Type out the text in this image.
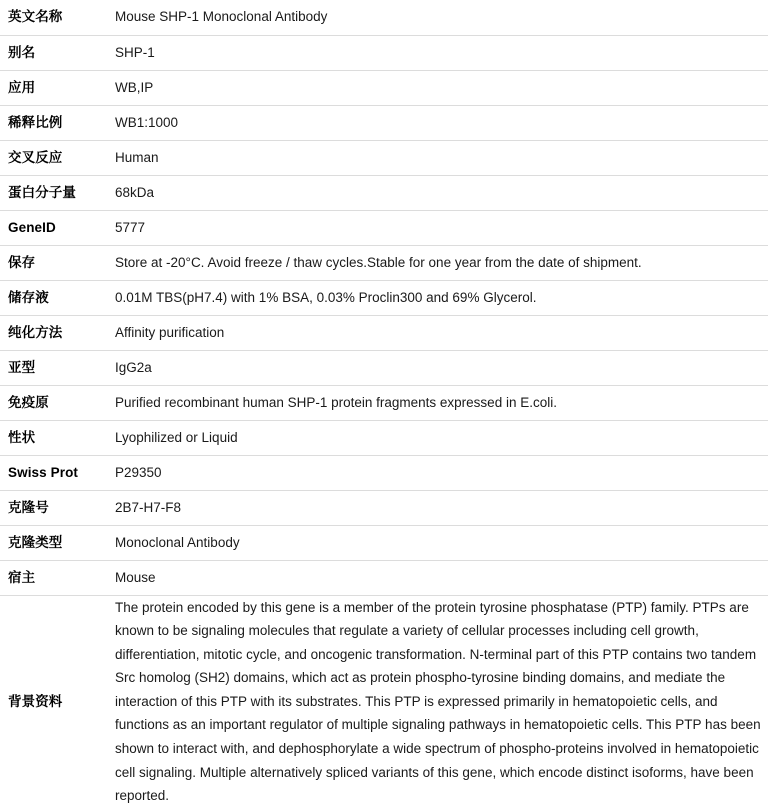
英文名称	Mouse SHP-1 Monoclonal Antibody
别名	SHP-1
应用	WB,IP
稀释比例	WB1:1000
交叉反应	Human
蛋白分子量	68kDa
GeneID	5777
保存	Store at -20°C. Avoid freeze / thaw cycles.Stable for one year from the date of shipment.
储存液	0.01M TBS(pH7.4) with 1% BSA, 0.03% Proclin300 and 69% Glycerol.
纯化方法	Affinity purification
亚型	IgG2a
免疫原	Purified recombinant human SHP-1 protein fragments expressed in E.coli.
性状	Lyophilized or Liquid
Swiss Prot	P29350
克隆号	2B7-H7-F8
克隆类型	Monoclonal Antibody
宿主	Mouse
背景资料	The protein encoded by this gene is a member of the protein tyrosine phosphatase (PTP) family. PTPs are known to be signaling molecules that regulate a variety of cellular processes including cell growth, differentiation, mitotic cycle, and oncogenic transformation. N-terminal part of this PTP contains two tandem Src homolog (SH2) domains, which act as protein phospho-tyrosine binding domains, and mediate the interaction of this PTP with its substrates. This PTP is expressed primarily in hematopoietic cells, and functions as an important regulator of multiple signaling pathways in hematopoietic cells. This PTP has been shown to interact with, and dephosphorylate a wide spectrum of phospho-proteins involved in hematopoietic cell signaling. Multiple alternatively spliced variants of this gene, which encode distinct isoforms, have been reported.
